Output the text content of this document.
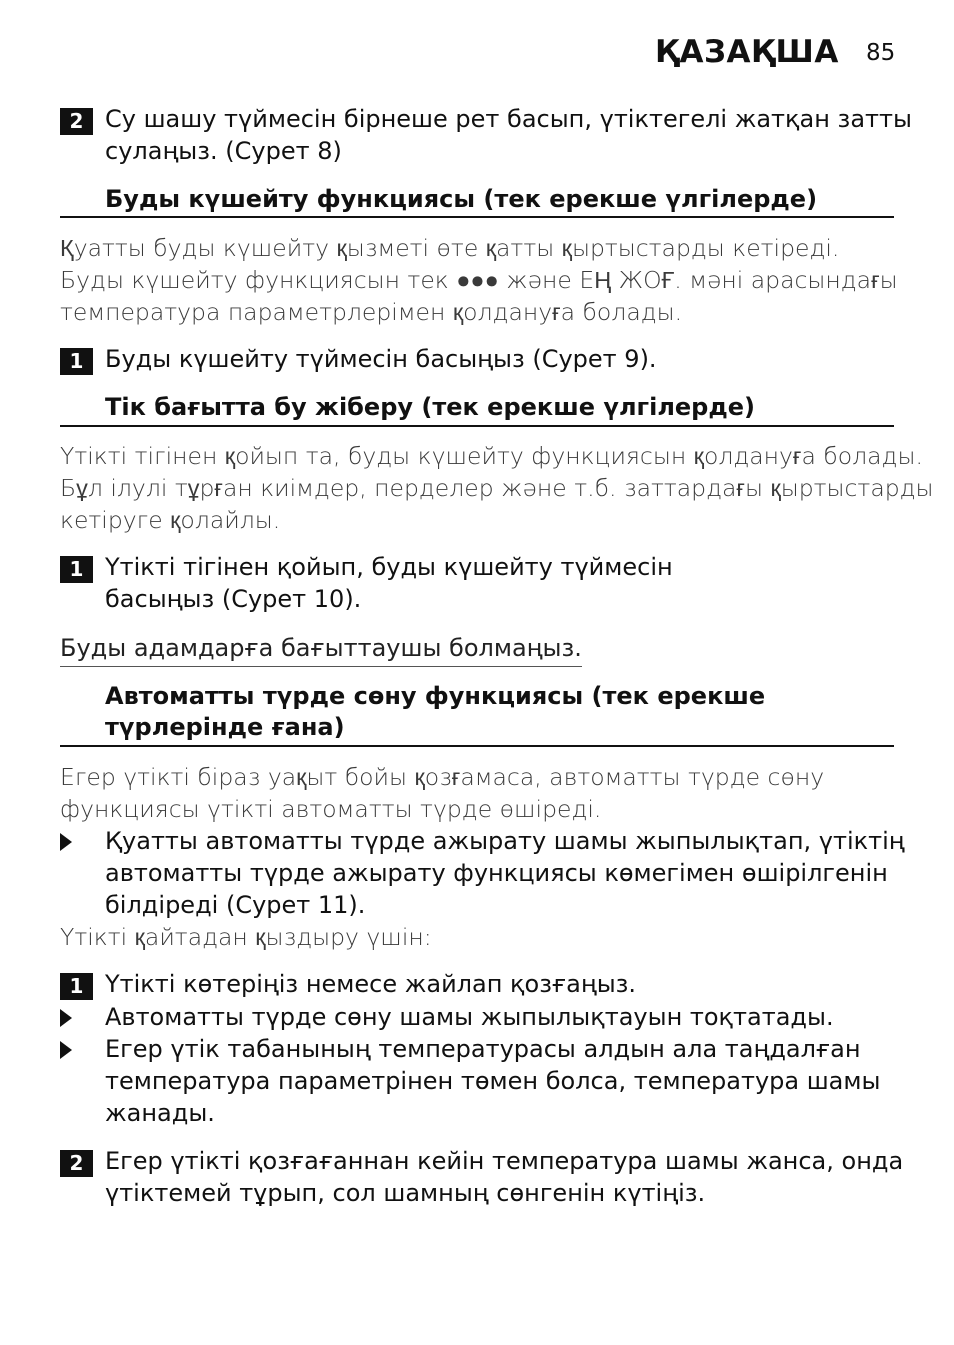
ҚАЗАҚША 85
2 Су шашу түймесін бірнеше рет басып, үтіктегелі жатқан затты
сулаңыз. (Сурет 8)
Буды күшейту функциясы (тек ерекше үлгілерде)
Қуатты буды күшейту қызметі өте қатты қыртыстарды кетіреді.
Буды күшейту функциясын тек ●●● және ЕҢ ЖОҒ. мәні арасындағы
температура параметрлерімен қолдануға болады.
1 Буды күшейту түймесін басыңыз (Сурет 9).
Тік бағытта бу жіберу (тек ерекше үлгілерде)
Үтікті тігінен қойып та, буды күшейту функциясын қолдануға болады.
Бұл ілулі тұрған киімдер, перделер және т.б. заттардағы қыртыстарды
кетіруге қолайлы.
1 Үтікті тігінен қойып, буды күшейту түймесін
басыңыз (Сурет 10).
Буды адамдарға бағыттаушы болмаңыз.
Автоматты түрде сөну функциясы (тек ерекше
түрлерінде ғана)
Егер үтікті біраз уақыт бойы қозғамаса, автоматты түрде сөну
функциясы үтікті автоматты түрде өшіреді.
Қуатты автоматты түрде ажырату шамы жыпылықтап, үтіктің
автоматты түрде ажырату функциясы көмегімен өшірілгенін
білдіреді (Сурет 11).
Үтікті қайтадан қыздыру үшін:
1 Үтікті көтеріңіз немесе жайлап қозғаңыз.
Автоматты түрде сөну шамы жыпылықтауын тоқтатады.
Егер үтік табанының температурасы алдын ала таңдалған
температура параметрінен төмен болса, температура шамы
жанады.
2 Егер үтікті қозғағаннан кейін температура шамы жанса, онда
үтіктемей тұрып, сол шамның сөнгенін күтіңіз.
